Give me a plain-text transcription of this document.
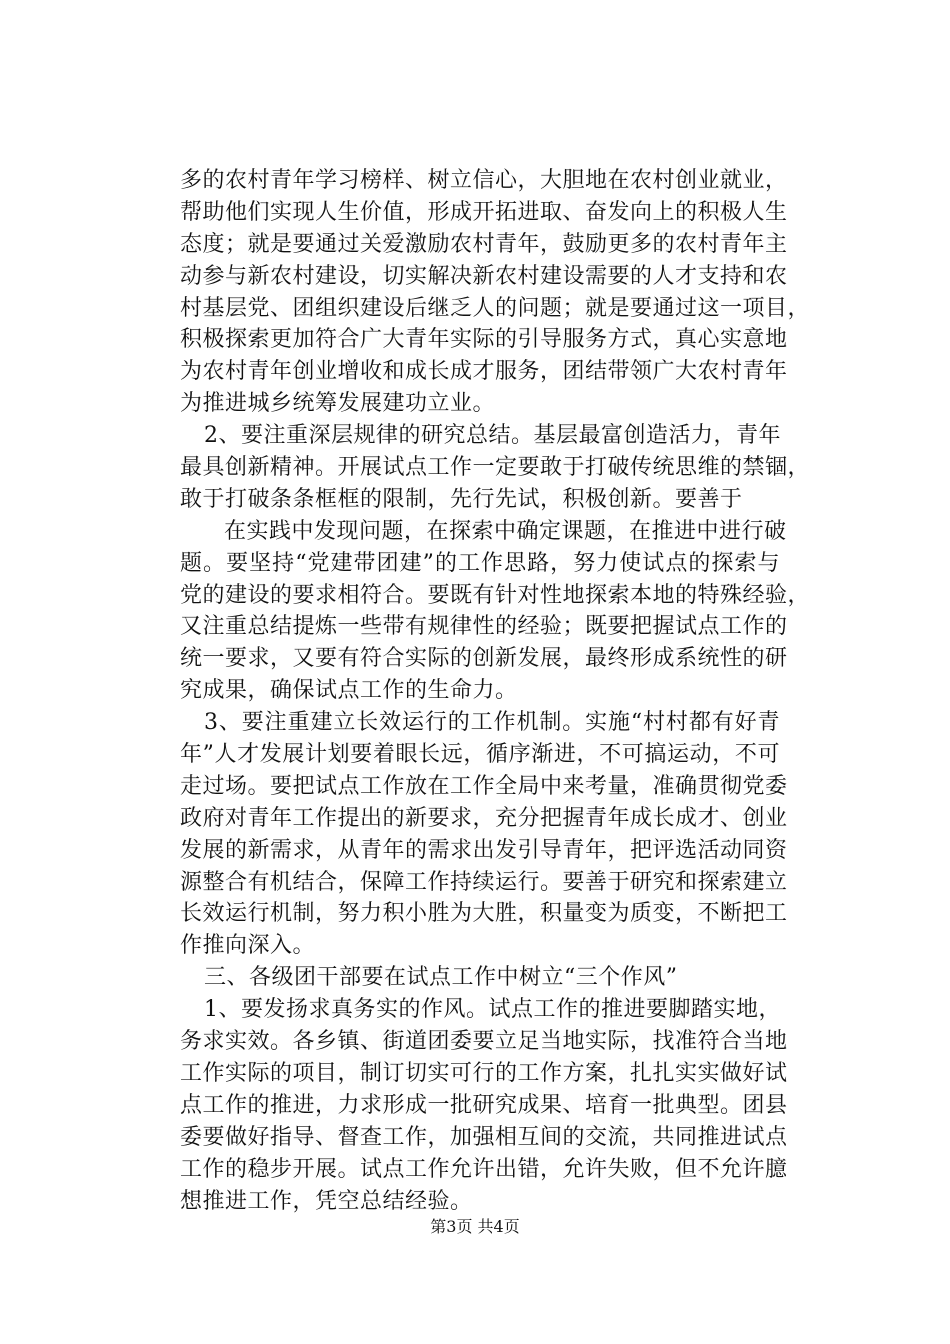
多的农村青年学习榜样、树立信心，大胆地在农村创业就业，
帮助他们实现人生价值，形成开拓进取、奋发向上的积极人生
态度；就是要通过关爱激励农村青年，鼓励更多的农村青年主
动参与新农村建设，切实解决新农村建设需要的人才支持和农
村基层党、团组织建设后继乏人的问题；就是要通过这一项目，
积极探索更加符合广大青年实际的引导服务方式，真心实意地
为农村青年创业增收和成长成才服务，团结带领广大农村青年
为推进城乡统筹发展建功立业。
2、要注重深层规律的研究总结。基层最富创造活力，青年
最具创新精神。开展试点工作一定要敢于打破传统思维的禁锢，
敢于打破条条框框的限制，先行先试，积极创新。要善于
在实践中发现问题，在探索中确定课题，在推进中进行破
题。要坚持“党建带团建”的工作思路，努力使试点的探索与
党的建设的要求相符合。要既有针对性地探索本地的特殊经验，
又注重总结提炼一些带有规律性的经验；既要把握试点工作的
统一要求，又要有符合实际的创新发展，最终形成系统性的研
究成果，确保试点工作的生命力。
3、要注重建立长效运行的工作机制。实施“村村都有好青
年”人才发展计划要着眼长远，循序渐进，不可搞运动，不可
走过场。要把试点工作放在工作全局中来考量，准确贯彻党委
政府对青年工作提出的新要求，充分把握青年成长成才、创业
发展的新需求，从青年的需求出发引导青年，把评选活动同资
源整合有机结合，保障工作持续运行。要善于研究和探索建立
长效运行机制，努力积小胜为大胜，积量变为质变，不断把工
作推向深入。
三、各级团干部要在试点工作中树立“三个作风”
1、要发扬求真务实的作风。试点工作的推进要脚踏实地，
务求实效。各乡镇、街道团委要立足当地实际，找准符合当地
工作实际的项目，制订切实可行的工作方案，扎扎实实做好试
点工作的推进，力求形成一批研究成果、培育一批典型。团县
委要做好指导、督查工作，加强相互间的交流，共同推进试点
工作的稳步开展。试点工作允许出错，允许失败，但不允许臆
想推进工作，凭空总结经验。
第3页 共4页
